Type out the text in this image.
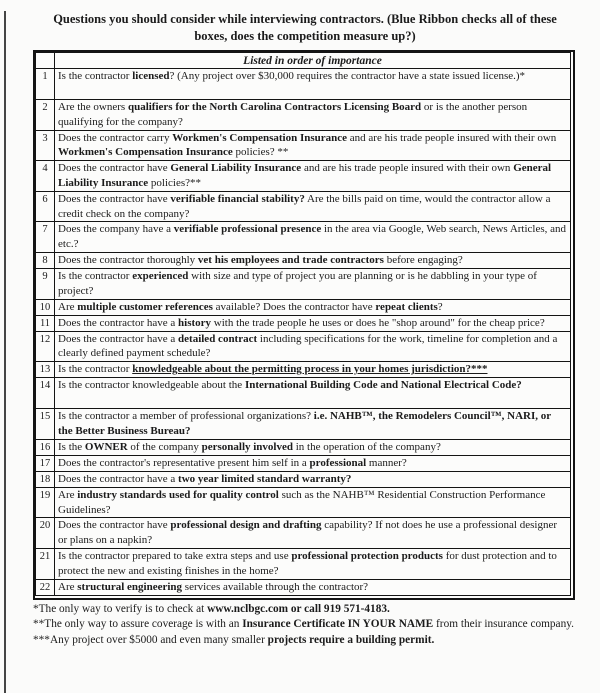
Questions you should consider while interviewing contractors. (Blue Ribbon checks all of these
boxes, does the competition measure up?)
	Listed in order of importance
1	Is the contractor licensed? (Any project over $30,000 requires the contractor have a state issued license.)*
2	Are the owners qualifiers for the North Carolina Contractors Licensing Board or is the another person qualifying for the company?
3	Does the contractor carry Workmen's Compensation Insurance and are his trade people insured with their own Workmen's Compensation Insurance policies? **
4	Does the contractor have General Liability Insurance and are his trade people insured with their own General Liability Insurance policies?**
6	Does the contractor have verifiable financial stability? Are the bills paid on time, would the contractor allow a credit check on the company?
7	Does the company have a verifiable professional presence in the area via Google, Web search, News Articles, and etc.?
8	Does the contractor thoroughly vet his employees and trade contractors before engaging?
9	Is the contractor experienced with size and type of project you are planning or is he dabbling in your type of project?
10	Are multiple customer references available? Does the contractor have repeat clients?
11	Does the contractor have a history with the trade people he uses or does he "shop around" for the cheap price?
12	Does the contractor have a detailed contract including specifications for the work, timeline for completion and a clearly defined payment schedule?
13	Is the contractor knowledgeable about the permitting process in your homes jurisdiction?***
14	Is the contractor knowledgeable about the International Building Code and National Electrical Code?
15	Is the contractor a member of professional organizations? i.e. NAHB™, the Remodelers Council™, NARI, or the Better Business Bureau?
16	Is the OWNER of the company personally involved in the operation of the company?
17	Does the contractor's representative present him self in a professional manner?
18	Does the contractor have a two year limited standard warranty?
19	Are industry standards used for quality control such as the NAHB™ Residential Construction Performance Guidelines?
20	Does the contractor have professional design and drafting capability? If not does he use a professional designer or plans on a napkin?
21	Is the contractor prepared to take extra steps and use professional protection products for dust protection and to protect the new and existing finishes in the home?
22	Are structural engineering services available through the contractor?

*The only way to verify is to check at www.nclbgc.com or call 919 571-4183.

**The only way to assure coverage is with an Insurance Certificate IN YOUR NAME from their insurance company.

***Any project over $5000 and even many smaller projects require a building permit.
